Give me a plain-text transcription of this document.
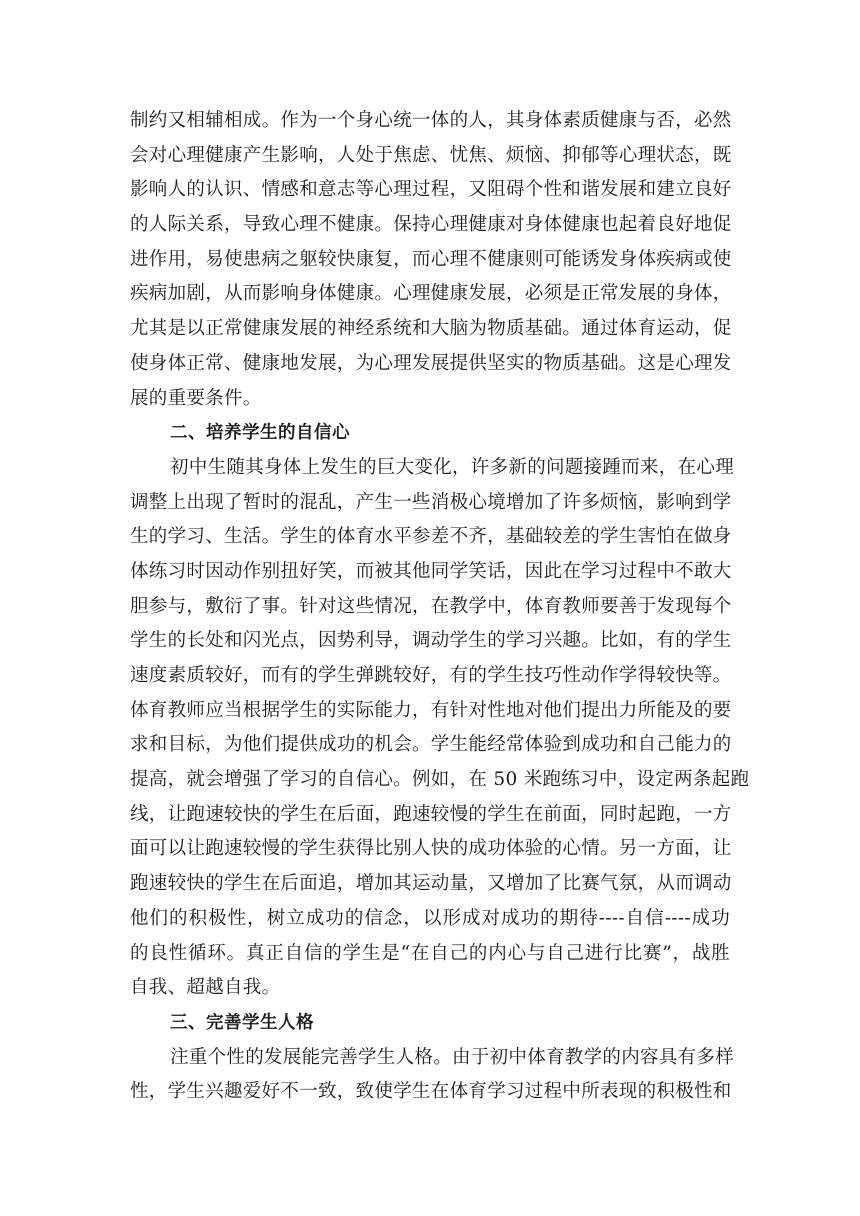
制约又相辅相成。作为一个身心统一体的人，其身体素质健康与否，必然
会对心理健康产生影响，人处于焦虑、忧焦、烦恼、抑郁等心理状态，既
影响人的认识、情感和意志等心理过程，又阻碍个性和谐发展和建立良好
的人际关系，导致心理不健康。保持心理健康对身体健康也起着良好地促
进作用，易使患病之躯较快康复，而心理不健康则可能诱发身体疾病或使
疾病加剧，从而影响身体健康。心理健康发展，必须是正常发展的身体，
尤其是以正常健康发展的神经系统和大脑为物质基础。通过体育运动，促
使身体正常、健康地发展，为心理发展提供坚实的物质基础。这是心理发
展的重要条件。
二、培养学生的自信心
初中生随其身体上发生的巨大变化，许多新的问题接踵而来，在心理
调整上出现了暂时的混乱，产生一些消极心境增加了许多烦恼，影响到学
生的学习、生活。学生的体育水平参差不齐，基础较差的学生害怕在做身
体练习时因动作别扭好笑，而被其他同学笑话，因此在学习过程中不敢大
胆参与，敷衍了事。针对这些情况，在教学中，体育教师要善于发现每个
学生的长处和闪光点，因势利导，调动学生的学习兴趣。比如，有的学生
速度素质较好，而有的学生弹跳较好，有的学生技巧性动作学得较快等。
体育教师应当根据学生的实际能力，有针对性地对他们提出力所能及的要
求和目标，为他们提供成功的机会。学生能经常体验到成功和自己能力的
提高，就会增强了学习的自信心。例如，在 50 米跑练习中，设定两条起跑
线，让跑速较快的学生在后面，跑速较慢的学生在前面，同时起跑，一方
面可以让跑速较慢的学生获得比别人快的成功体验的心情。另一方面，让
跑速较快的学生在后面追，增加其运动量，又增加了比赛气氛，从而调动
他们的积极性，树立成功的信念，以形成对成功的期待----自信----成功
的良性循环。真正自信的学生是“在自己的内心与自己进行比赛”，战胜
自我、超越自我。
三、完善学生人格
注重个性的发展能完善学生人格。由于初中体育教学的内容具有多样
性，学生兴趣爱好不一致，致使学生在体育学习过程中所表现的积极性和
